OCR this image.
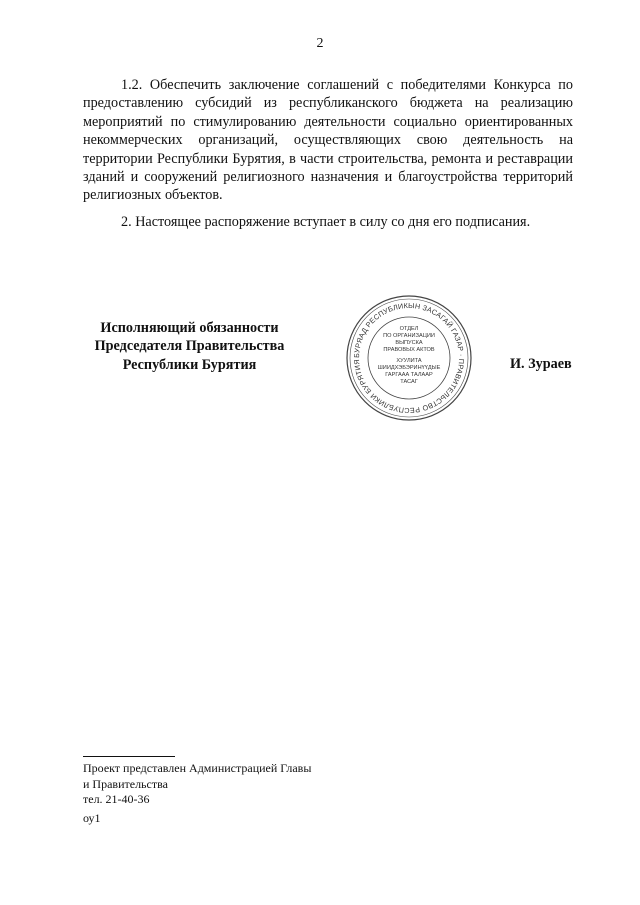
2

1.2. Обеспечить заключение соглашений с победителями Конкурса по предоставлению субсидий из республиканского бюджета на реализацию мероприятий по стимулированию деятельности социально ориентированных некоммерческих организаций, осуществляющих свою деятельность на территории Республики Бурятия, в части строительства, ремонта и реставрации зданий и сооружений религиозного назначения и благоустройства территорий религиозных объектов.

2. Настоящее распоряжение вступает в силу со дня его подписания.

Исполняющий обязанности
Председателя Правительства
Республики Бурятия
БУРЯАД РЕСПУБЛИКЫН ЗАСАГАЙ ГАЗАР · ПРАВИТЕЛЬСТВО РЕСПУБЛИКИ БУРЯТИЯ
ОТДЕЛ
ПО ОРГАНИЗАЦИИ
ВЫПУСКА
ПРАВОВЫХ АКТОВ
ХУУЛИТА
ШИИДХЭБЭРИНҮҮДЫЕ
ГАРГААА ТАЛААР
ТАСАГ
И. Зураев
Проект представлен Администрацией Главы
и Правительства
тел. 21-40-36
оу1
